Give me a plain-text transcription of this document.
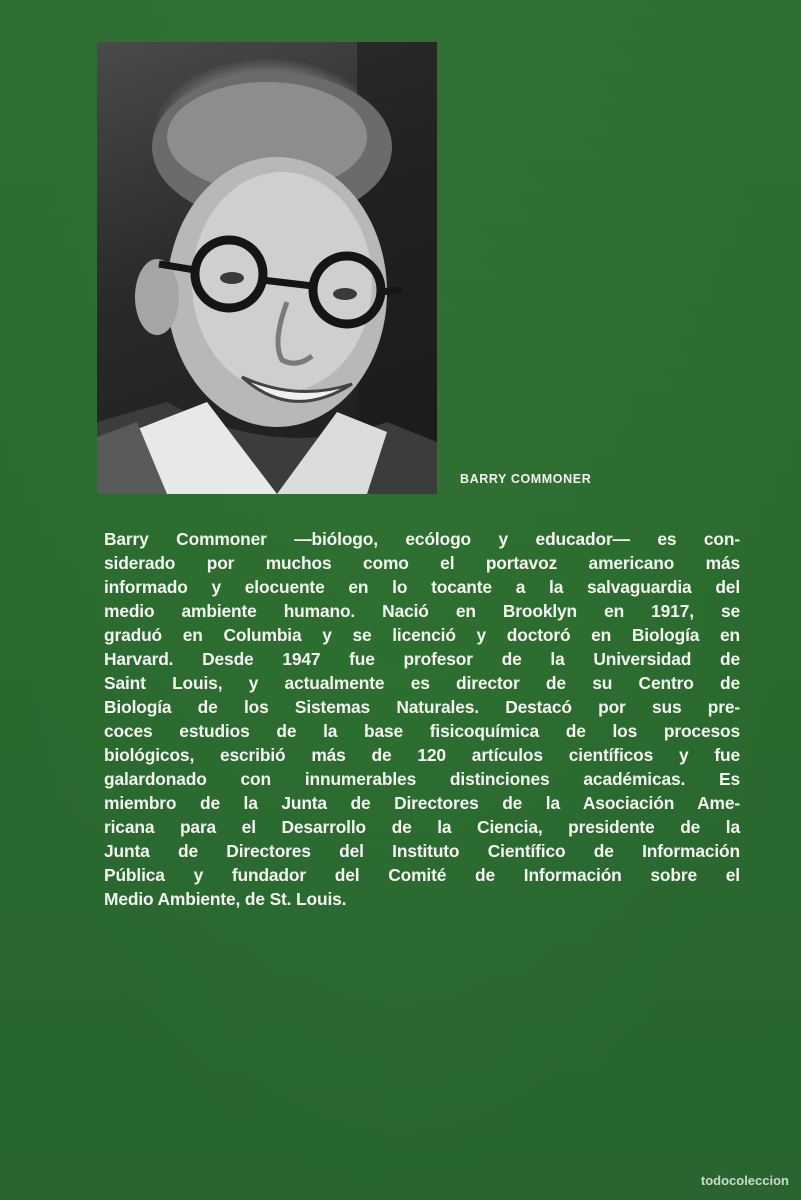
BARRY COMMONER
Barry Commoner —biólogo, ecólogo y educador— es con-
siderado por muchos como el portavoz americano más
informado y elocuente en lo tocante a la salvaguardia del
medio ambiente humano. Nació en Brooklyn en 1917, se
graduó en Columbia y se licenció y doctoró en Biología en
Harvard. Desde 1947 fue profesor de la Universidad de
Saint Louis, y actualmente es director de su Centro de
Biología de los Sistemas Naturales. Destacó por sus pre-
coces estudios de la base fisicoquímica de los procesos
biológicos, escribió más de 120 artículos científicos y fue
galardonado con innumerables distinciones académicas. Es
miembro de la Junta de Directores de la Asociación Ame-
ricana para el Desarrollo de la Ciencia, presidente de la
Junta de Directores del Instituto Científico de Información
Pública y fundador del Comité de Información sobre el
Medio Ambiente, de St. Louis.
todocoleccion
